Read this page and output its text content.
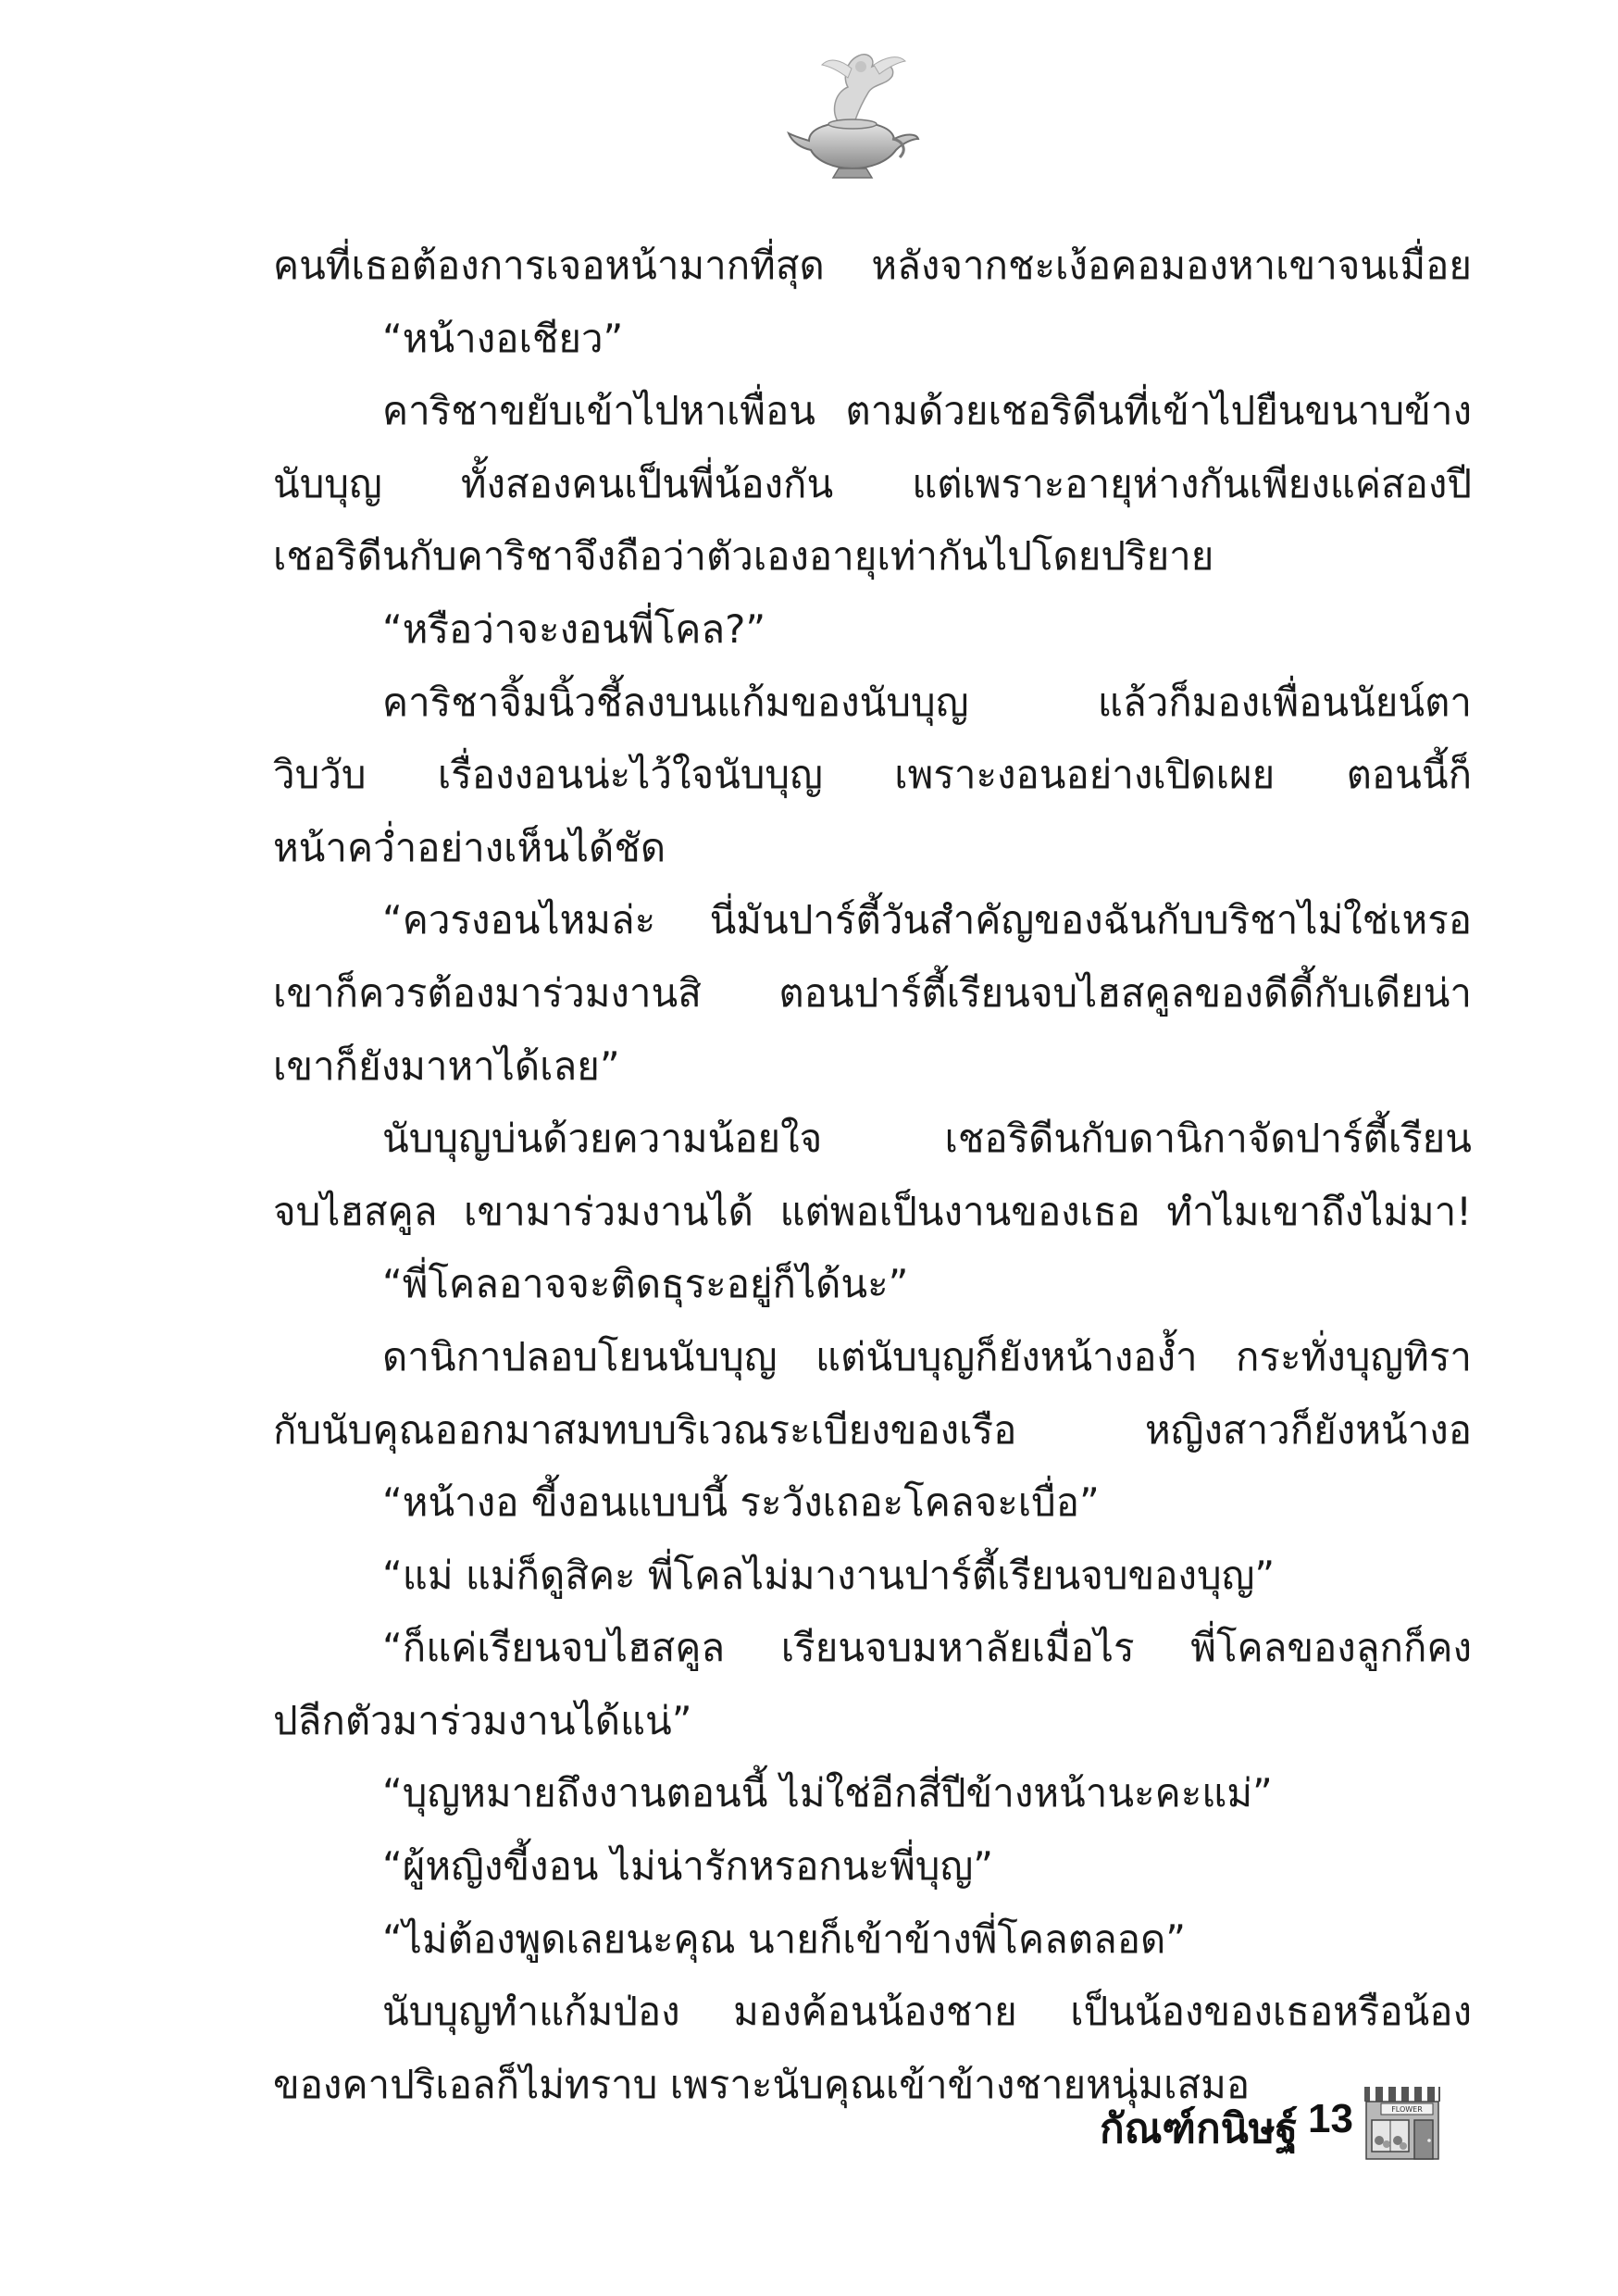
คนที่เธอต้องการเจอหน้ามากที่สุด หลังจากชะเง้อคอมองหาเขาจนเมื่อย
“หน้างอเชียว”
คาริชาขยับเข้าไปหาเพื่อน ตามด้วยเชอริดีนที่เข้าไปยืนขนาบข้าง
นับบุญ ทั้งสองคนเป็นพี่น้องกัน แต่เพราะอายุห่างกันเพียงแค่สองปี
เชอริดีนกับคาริชาจึงถือว่าตัวเองอายุเท่ากันไปโดยปริยาย
“หรือว่าจะงอนพี่โคล?”
คาริชาจิ้มนิ้วชี้ลงบนแก้มของนับบุญ แล้วก็มองเพื่อนนัยน์ตา
วิบวับ เรื่องงอนน่ะไว้ใจนับบุญ เพราะงอนอย่างเปิดเผย ตอนนี้ก็
หน้าคว่ำอย่างเห็นได้ชัด
“ควรงอนไหมล่ะ นี่มันปาร์ตี้วันสำคัญของฉันกับบริชาไม่ใช่เหรอ
เขาก็ควรต้องมาร่วมงานสิ ตอนปาร์ตี้เรียนจบไฮสคูลของดีดี้กับเดียน่า
เขาก็ยังมาหาได้เลย”
นับบุญบ่นด้วยความน้อยใจ เชอริดีนกับดานิกาจัดปาร์ตี้เรียน
จบไฮสคูล เขามาร่วมงานได้ แต่พอเป็นงานของเธอ ทำไมเขาถึงไม่มา!
“พี่โคลอาจจะติดธุระอยู่ก็ได้นะ”
ดานิกาปลอบโยนนับบุญ แต่นับบุญก็ยังหน้างอง้ำ กระทั่งบุญทิรา
กับนับคุณออกมาสมทบบริเวณระเบียงของเรือ หญิงสาวก็ยังหน้างอ
“หน้างอ ขี้งอนแบบนี้ ระวังเถอะโคลจะเบื่อ”
“แม่ แม่ก็ดูสิคะ พี่โคลไม่มางานปาร์ตี้เรียนจบของบุญ”
“ก็แค่เรียนจบไฮสคูล เรียนจบมหาลัยเมื่อไร พี่โคลของลูกก็คง
ปลีกตัวมาร่วมงานได้แน่”
“บุญหมายถึงงานตอนนี้ ไม่ใช่อีกสี่ปีข้างหน้านะคะแม่”
“ผู้หญิงขี้งอน ไม่น่ารักหรอกนะพี่บุญ”
“ไม่ต้องพูดเลยนะคุณ นายก็เข้าข้างพี่โคลตลอด”
นับบุญทำแก้มป่อง มองค้อนน้องชาย เป็นน้องของเธอหรือน้อง
ของคาปริเอลก็ไม่ทราบ เพราะนับคุณเข้าข้างชายหนุ่มเสมอ
กัณฑ์กนิษฐ์ 13	FLOWER
